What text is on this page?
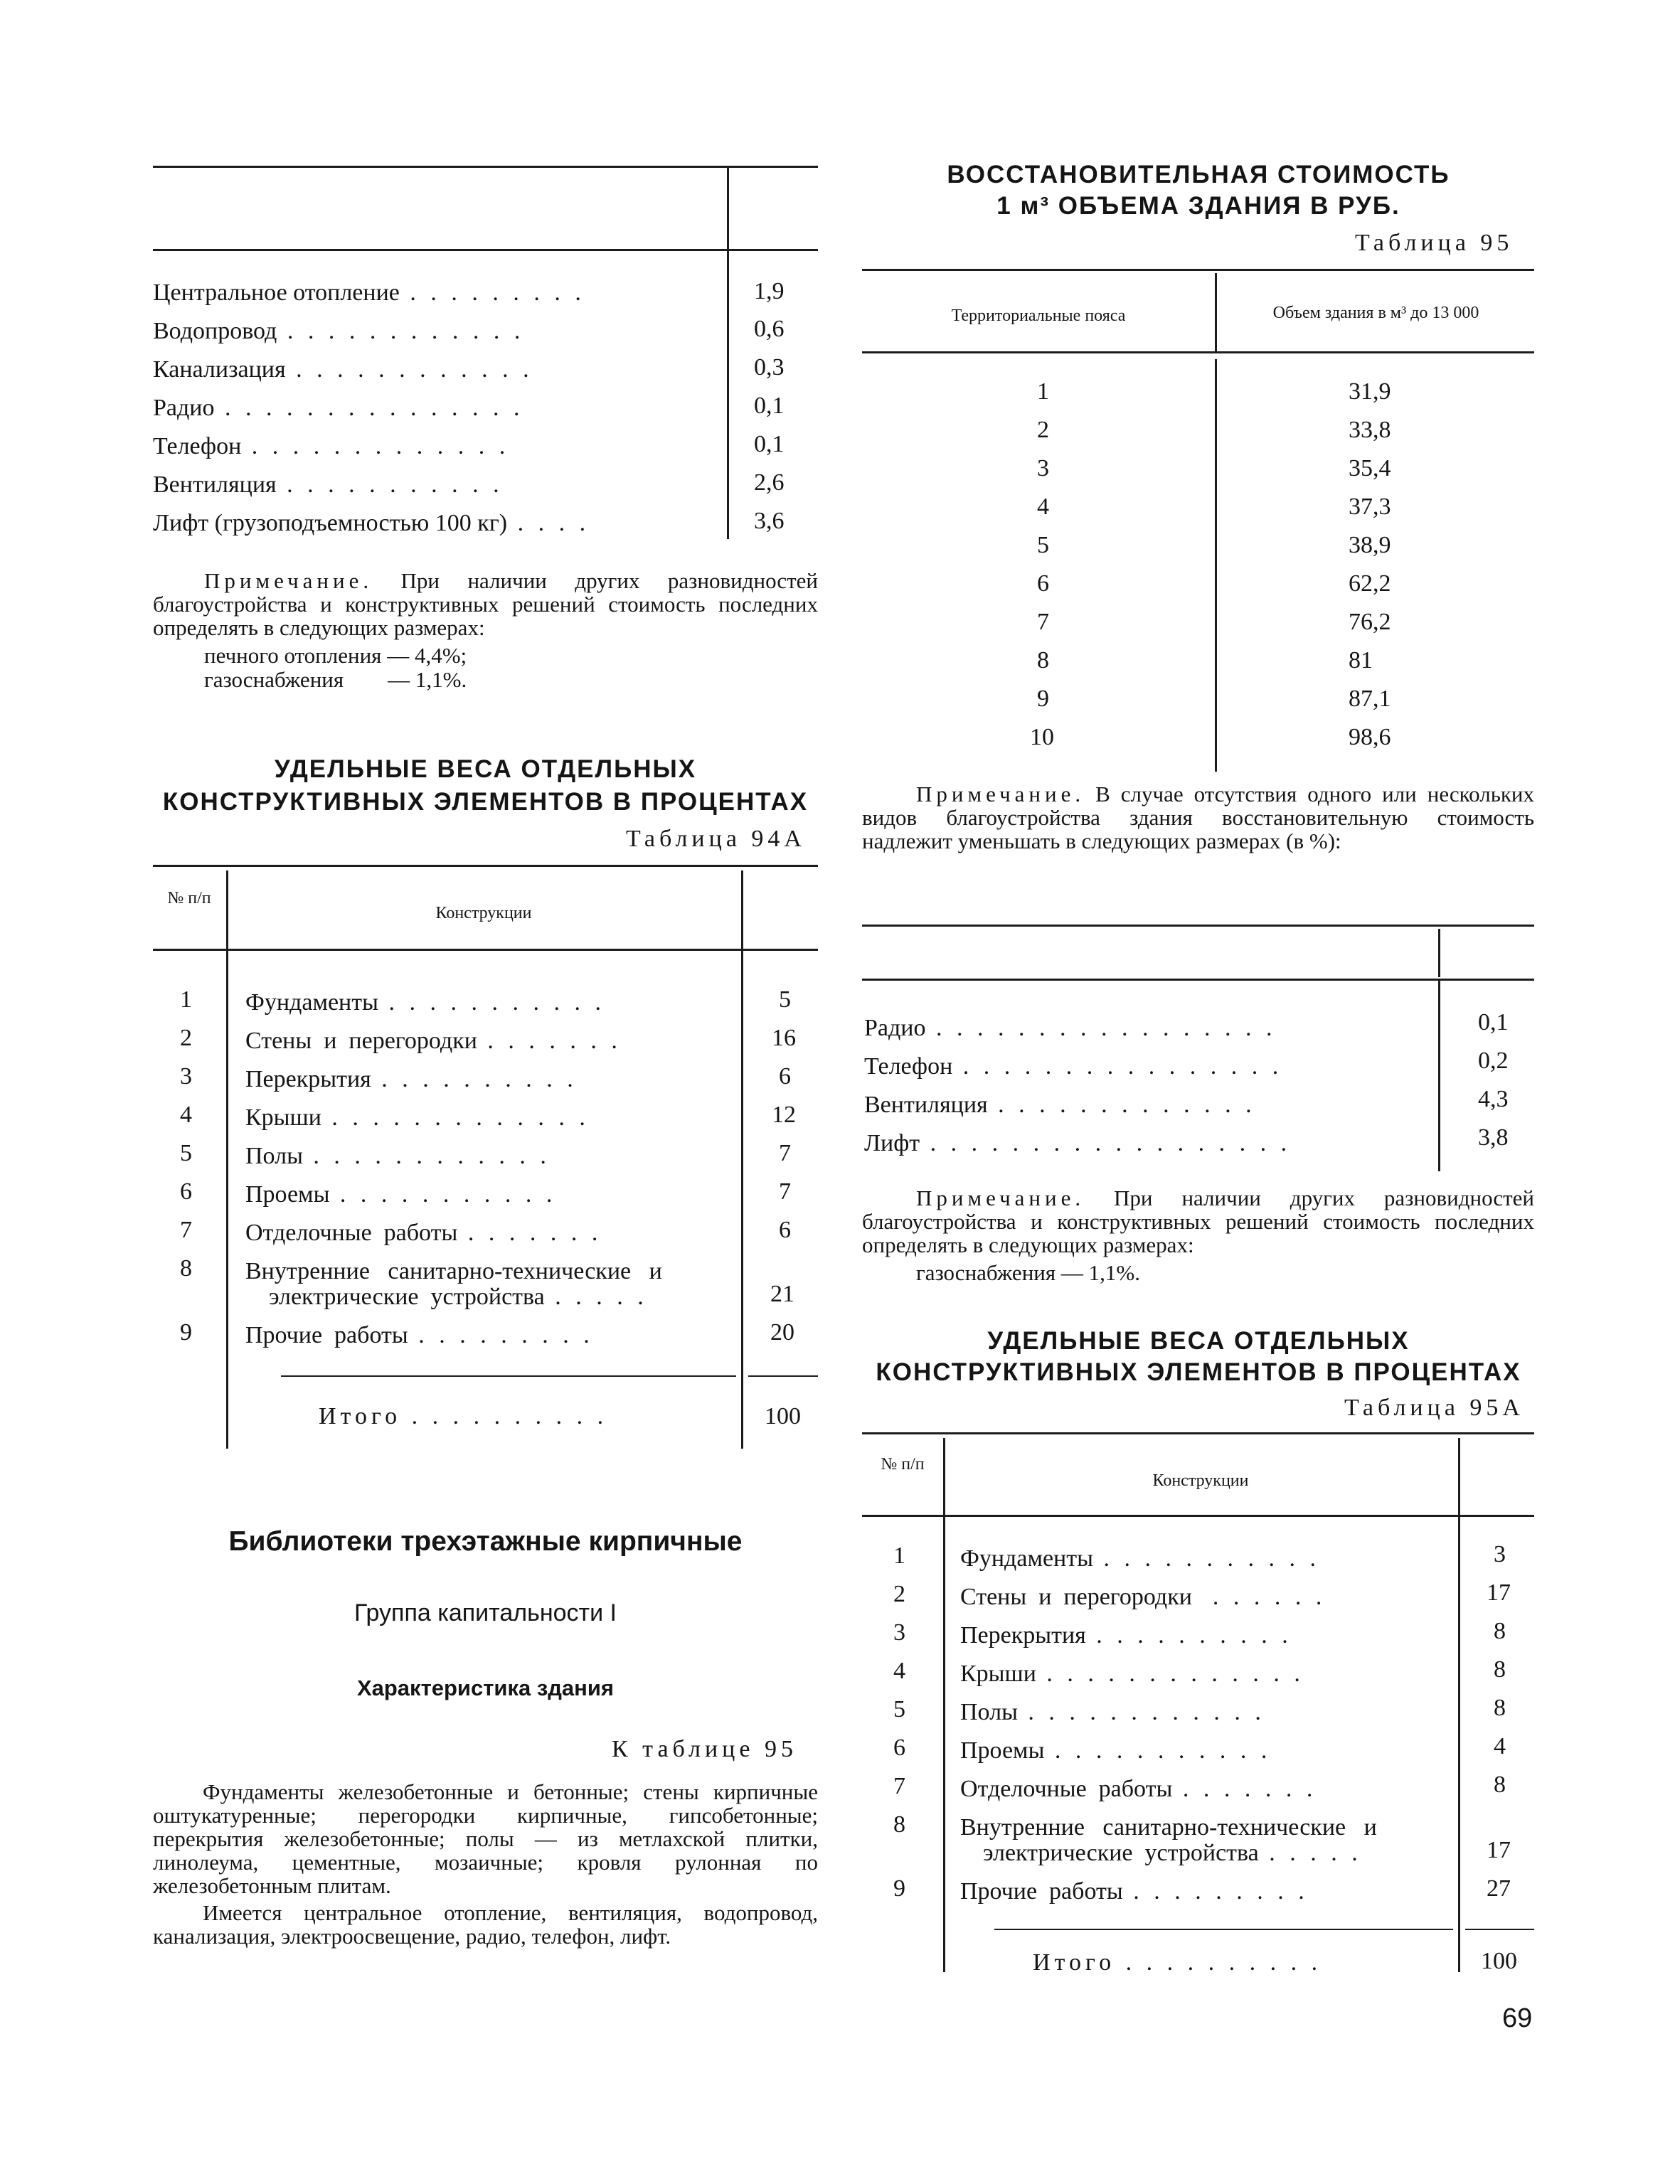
Центральное отопление . . . . . . . . .	1,9
Водопровод . . . . . . . . . . . .	0,6
Канализация . . . . . . . . . . . .	0,3
Радио . . . . . . . . . . . . . . .	0,1
Телефон . . . . . . . . . . . . .	0,1
Вентиляция . . . . . . . . . . .	2,6
Лифт (грузоподъемностью 100 кг) . . . .	3,6
Примечание. При наличии других разновидностей благоустройства и конструктивных решений стоимость последних определять в следующих размерах:
печного отопления — 4,4%;
газоснабжения        — 1,1%.
УДЕЛЬНЫЕ ВЕСА ОТДЕЛЬНЫХ
КОНСТРУКТИВНЫХ ЭЛЕМЕНТОВ В ПРОЦЕНТАХ
Таблица 94А
№ п/п
Конструкции
1 Фундаменты . . . . . . . . . . .	5
2 Стены  и  перегородки . . . . . . .	16
3 Перекрытия . . . . . . . . . .	6
4 Крыши . . . . . . . . . . . . .	12
5 Полы . . . . . . . . . . . .	7
6 Проемы . . . . . . . . . . .	7
7 Отделочные  работы . . . . . . .	6
8 Внутренние   санитарно-технические   и
электрические  устройства . . . . .	21
9 Прочие  работы . . . . . . . . .	20
Итого . . . . . . . . . .	100
Библиотеки трехэтажные кирпичные
Группа капитальности I
Характеристика здания
К таблице 95
Фундаменты железобетонные и бетонные; стены кирпичные оштукатуренные; перегородки кирпичные, гипсобетонные; перекрытия железобетонные; полы — из метлахской плитки, линолеума, цементные, мозаичные; кровля рулонная по железобетонным плитам.
Имеется центральное отопление, вентиляция, водопровод, канализация, электроосвещение, радио, телефон, лифт.
ВОССТАНОВИТЕЛЬНАЯ СТОИМОСТЬ
1 м³ ОБЪЕМА ЗДАНИЯ В РУБ.
Таблица 95
Территориальные пояса	Объем здания в м³ до 13 000
1	31,9
2	33,8
3	35,4
4	37,3
5	38,9
6	62,2
7	76,2
8	81
9	87,1
10	98,6
Примечание. В случае отсутствия одного или нескольких видов благоустройства здания восстановительную стоимость надлежит уменьшать в следующих размерах (в %):
Радио . . . . . . . . . . . . . . . . .	0,1
Телефон . . . . . . . . . . . . . . . .	0,2
Вентиляция . . . . . . . . . . . . .	4,3
Лифт . . . . . . . . . . . . . . . . . .	3,8
Примечание. При наличии других разновидностей благоустройства и конструктивных решений стоимость последних определять в следующих размерах:
газоснабжения — 1,1%.
УДЕЛЬНЫЕ ВЕСА ОТДЕЛЬНЫХ
КОНСТРУКТИВНЫХ ЭЛЕМЕНТОВ В ПРОЦЕНТАХ
Таблица 95А
№ п/п
Конструкции
1 Фундаменты . . . . . . . . . . .	3
2 Стены  и  перегородки  . . . . . .	17
3 Перекрытия . . . . . . . . . .	8
4 Крыши . . . . . . . . . . . . .	8
5 Полы . . . . . . . . . . . .	8
6 Проемы . . . . . . . . . . .	4
7 Отделочные  работы . . . . . . .	8
8 Внутренние   санитарно-технические   и
электрические  устройства . . . . .	17
9 Прочие  работы . . . . . . . . .	27
Итого . . . . . . . . . .	100
69
